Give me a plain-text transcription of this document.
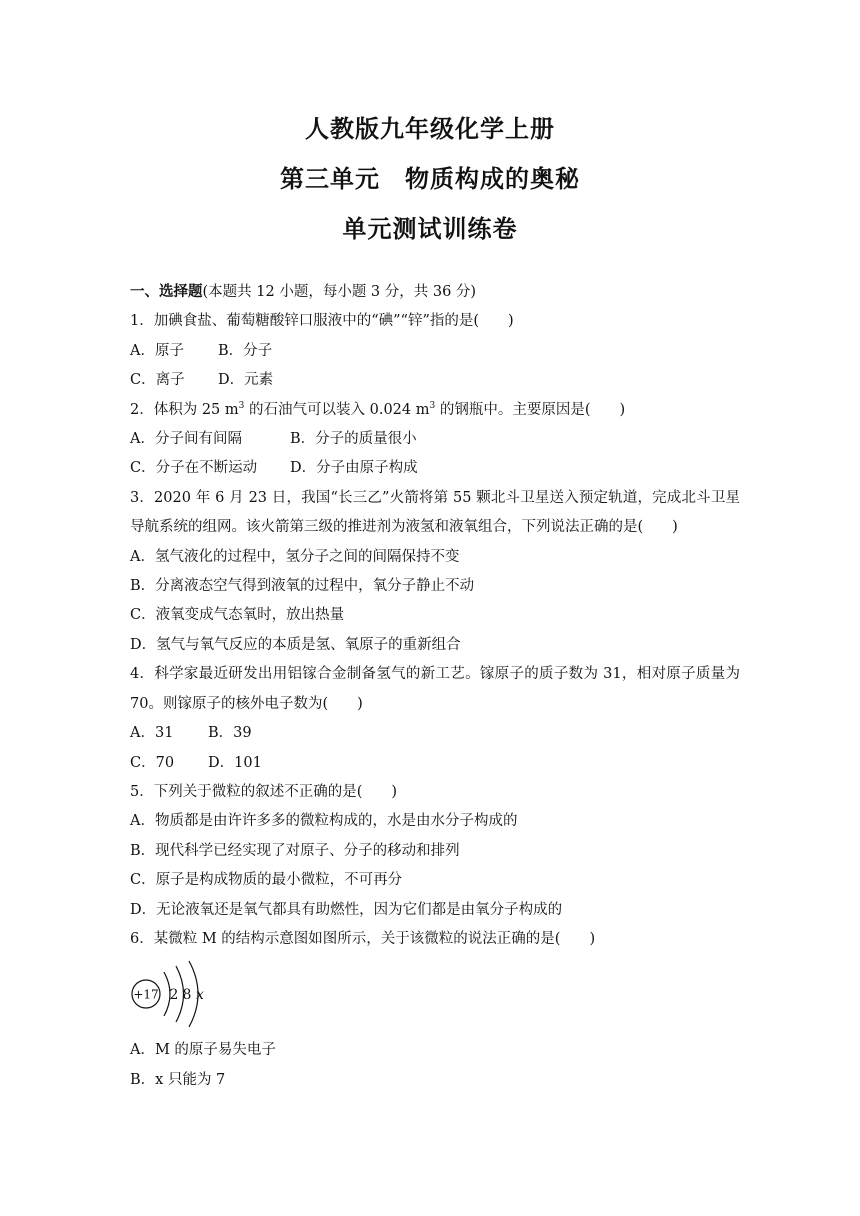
人教版九年级化学上册
第三单元　物质构成的奥秘
单元测试训练卷
一、选择题(本题共 12 小题，每小题 3 分，共 36 分)
1．加碘食盐、葡萄糖酸锌口服液中的“碘”“锌”指的是(　　)
A．原子 B．分子
C．离子 D．元素
2．体积为 25 $m^3$ 的石油气可以装入 0.024 $m^3$ 的钢瓶中。主要原因是(　　)
A．分子间有间隔	B．分子的质量很小
C．分子在不断运动 D．分子由原子构成
3．2020 年 6 月 23 日，我国“长三乙”火箭将第 55 颗北斗卫星送入预定轨道，完成北斗卫星导航系统的组网。该火箭第三级的推进剂为液氢和液氧组合，下列说法正确的是(　　)
A．氢气液化的过程中，氢分子之间的间隔保持不变
B．分离液态空气得到液氧的过程中，氧分子静止不动
C．液氧变成气态氧时，放出热量
D．氢气与氧气反应的本质是氢、氧原子的重新组合
4．科学家最近研发出用铝镓合金制备氢气的新工艺。镓原子的质子数为 31，相对原子质量为 70。则镓原子的核外电子数为(　　)
A．31 B．39
C．70 D．101
5．下列关于微粒的叙述不正确的是(　　)
A．物质都是由许许多多的微粒构成的，水是由水分子构成的
B．现代科学已经实现了对原子、分子的移动和排列
C．原子是构成物质的最小微粒，不可再分
D．无论液氧还是氧气都具有助燃性，因为它们都是由氧分子构成的
6．某微粒 M 的结构示意图如图所示，关于该微粒的说法正确的是(　　)
+17 2 8 x
A．M 的原子易失电子
B．x 只能为 7
